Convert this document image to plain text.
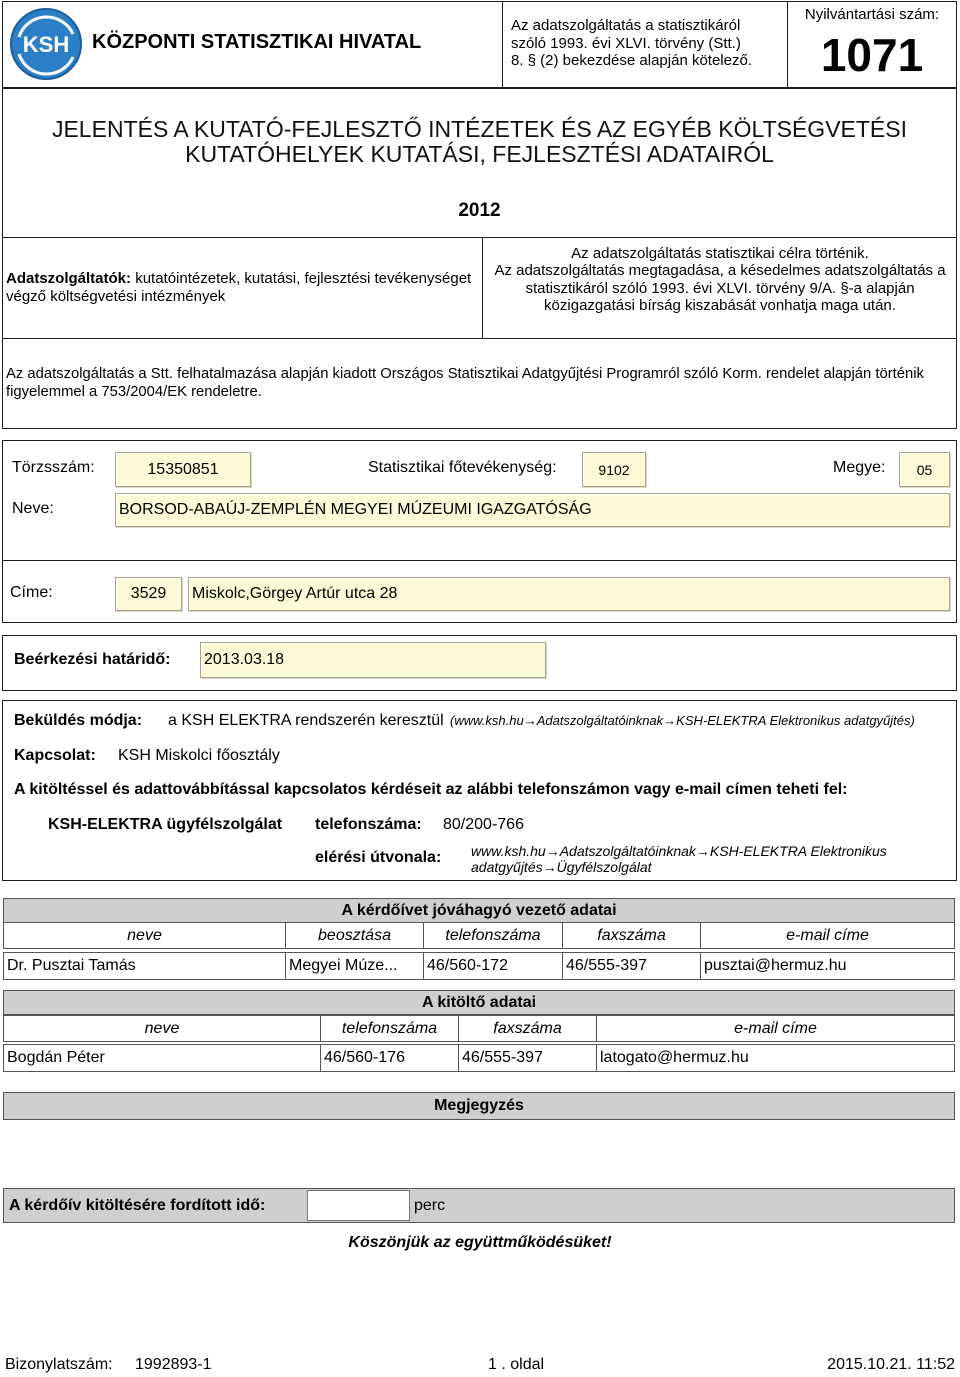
KSH KÖZPONTI STATISZTIKAI HIVATAL
Az adatszolgáltatás a statisztikáról
szóló 1993. évi XLVI. törvény (Stt.)
8. § (2) bekezdése alapján kötelező.
Nyilvántartási szám:
1071
JELENTÉS A KUTATÓ-FEJLESZTŐ INTÉZETEK ÉS AZ EGYÉB KÖLTSÉGVETÉSI
KUTATÓHELYEK KUTATÁSI, FEJLESZTÉSI ADATAIRÓL
2012
Adatszolgáltatók: kutatóintézetek, kutatási, fejlesztési tevékenységet végző költségvetési intézmények
Az adatszolgáltatás statisztikai célra történik.
Az adatszolgáltatás megtagadása, a késedelmes adatszolgáltatás a statisztikáról szóló 1993. évi XLVI. törvény 9/A. §-a alapján közigazgatási bírság kiszabását vonhatja maga után.
Az adatszolgáltatás a Stt. felhatalmazása alapján kiadott Országos Statisztikai Adatgyűjtési Programról szóló Korm. rendelet alapján történik figyelemmel a 753/2004/EK rendeletre.
Törzsszám:	15350851	Statisztikai főtevékenység:	9102	Megye: 05
Neve:	BORSOD-ABAÚJ-ZEMPLÉN MEGYEI MÚZEUMI IGAZGATÓSÁG
Címe:	3529 Miskolc,Görgey Artúr utca 28
Beérkezési határidő: 2013.03.18
Beküldés módja: a KSH ELEKTRA rendszerén keresztül (www.ksh.hu→Adatszolgáltatóinknak→KSH-ELEKTRA Elektronikus adatgyűjtés)
Kapcsolat: KSH Miskolci főosztály
A kitöltéssel és adattovábbítással kapcsolatos kérdéseit az alábbi telefonszámon vagy e-mail címen teheti fel:
KSH-ELEKTRA ügyfélszolgálat telefonszáma: 80/200-766
elérési útvonala: www.ksh.hu→Adatszolgáltatóinknak→KSH-ELEKTRA Elektronikus adatgyűjtés→Ügyfélszolgálat
A kérdőívet jóváhagyó vezető adatai
neve	beosztása	telefonszáma	faxszáma	e-mail címe
Dr. Pusztai Tamás	Megyei Múze...	46/560-172	46/555-397	pusztai@hermuz.hu
A kitöltő adatai
neve	telefonszáma	faxszáma	e-mail címe
Bogdán Péter	46/560-176	46/555-397	latogato@hermuz.hu
Megjegyzés
A kérdőív kitöltésére fordított idő:	perc
Köszönjük az együttműködésüket!
Bizonylatszám: 1992893-1	1 . oldal	2015.10.21. 11:52
